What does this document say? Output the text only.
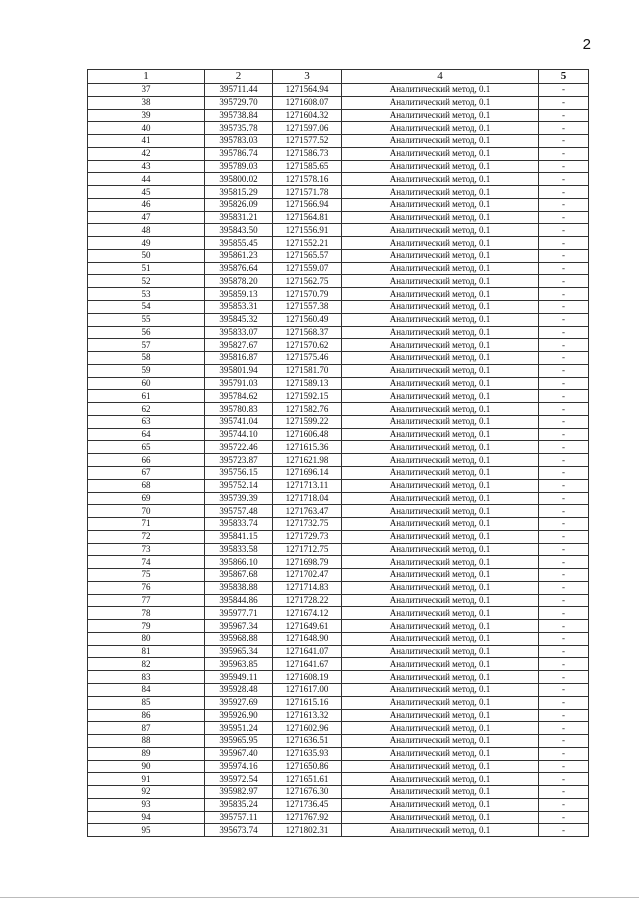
2
1	2	3	4	5
37	395711.44	1271564.94	Аналитический метод, 0.1	-
38	395729.70	1271608.07	Аналитический метод, 0.1	-
39	395738.84	1271604.32	Аналитический метод, 0.1	-
40	395735.78	1271597.06	Аналитический метод, 0.1	-
41	395783.03	1271577.52	Аналитический метод, 0.1	-
42	395786.74	1271586.73	Аналитический метод, 0.1	-
43	395789.03	1271585.65	Аналитический метод, 0.1	-
44	395800.02	1271578.16	Аналитический метод, 0.1	-
45	395815.29	1271571.78	Аналитический метод, 0.1	-
46	395826.09	1271566.94	Аналитический метод, 0.1	-
47	395831.21	1271564.81	Аналитический метод, 0.1	-
48	395843.50	1271556.91	Аналитический метод, 0.1	-
49	395855.45	1271552.21	Аналитический метод, 0.1	-
50	395861.23	1271565.57	Аналитический метод, 0.1	-
51	395876.64	1271559.07	Аналитический метод, 0.1	-
52	395878.20	1271562.75	Аналитический метод, 0.1	-
53	395859.13	1271570.79	Аналитический метод, 0.1	-
54	395853.31	1271557.38	Аналитический метод, 0.1	-
55	395845.32	1271560.49	Аналитический метод, 0.1	-
56	395833.07	1271568.37	Аналитический метод, 0.1	-
57	395827.67	1271570.62	Аналитический метод, 0.1	-
58	395816.87	1271575.46	Аналитический метод, 0.1	-
59	395801.94	1271581.70	Аналитический метод, 0.1	-
60	395791.03	1271589.13	Аналитический метод, 0.1	-
61	395784.62	1271592.15	Аналитический метод, 0.1	-
62	395780.83	1271582.76	Аналитический метод, 0.1	-
63	395741.04	1271599.22	Аналитический метод, 0.1	-
64	395744.10	1271606.48	Аналитический метод, 0.1	-
65	395722.46	1271615.36	Аналитический метод, 0.1	-
66	395723.87	1271621.98	Аналитический метод, 0.1	-
67	395756.15	1271696.14	Аналитический метод, 0.1	-
68	395752.14	1271713.11	Аналитический метод, 0.1	-
69	395739.39	1271718.04	Аналитический метод, 0.1	-
70	395757.48	1271763.47	Аналитический метод, 0.1	-
71	395833.74	1271732.75	Аналитический метод, 0.1	-
72	395841.15	1271729.73	Аналитический метод, 0.1	-
73	395833.58	1271712.75	Аналитический метод, 0.1	-
74	395866.10	1271698.79	Аналитический метод, 0.1	-
75	395867.68	1271702.47	Аналитический метод, 0.1	-
76	395838.88	1271714.83	Аналитический метод, 0.1	-
77	395844.86	1271728.22	Аналитический метод, 0.1	-
78	395977.71	1271674.12	Аналитический метод, 0.1	-
79	395967.34	1271649.61	Аналитический метод, 0.1	-
80	395968.88	1271648.90	Аналитический метод, 0.1	-
81	395965.34	1271641.07	Аналитический метод, 0.1	-
82	395963.85	1271641.67	Аналитический метод, 0.1	-
83	395949.11	1271608.19	Аналитический метод, 0.1	-
84	395928.48	1271617.00	Аналитический метод, 0.1	-
85	395927.69	1271615.16	Аналитический метод, 0.1	-
86	395926.90	1271613.32	Аналитический метод, 0.1	-
87	395951.24	1271602.96	Аналитический метод, 0.1	-
88	395965.95	1271636.51	Аналитический метод, 0.1	-
89	395967.40	1271635.93	Аналитический метод, 0.1	-
90	395974.16	1271650.86	Аналитический метод, 0.1	-
91	395972.54	1271651.61	Аналитический метод, 0.1	-
92	395982.97	1271676.30	Аналитический метод, 0.1	-
93	395835.24	1271736.45	Аналитический метод, 0.1	-
94	395757.11	1271767.92	Аналитический метод, 0.1	-
95	395673.74	1271802.31	Аналитический метод, 0.1	-
